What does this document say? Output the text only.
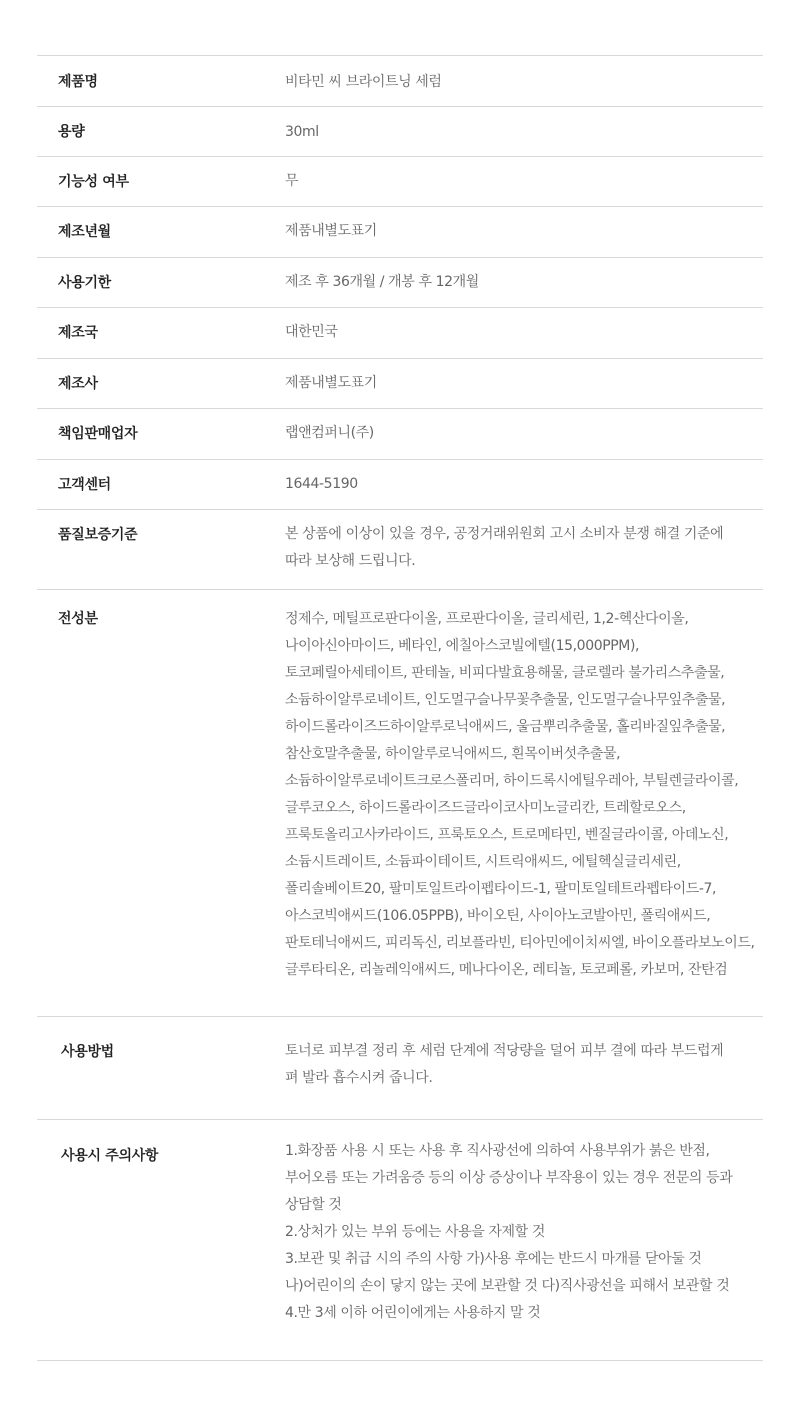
제품명	비타민 씨 브라이트닝 세럼
용량	30ml
기능성 여부	무
제조년월	제품내별도표기
사용기한	제조 후 36개월 / 개봉 후 12개월
제조국	대한민국
제조사	제품내별도표기
책임판매업자	랩앤컴퍼니(주)
고객센터	1644-5190
품질보증기준	본 상품에 이상이 있을 경우, 공정거래위원회 고시 소비자 분쟁 해결 기준에
따라 보상해 드립니다.
전성분	정제수, 메틸프로판다이올, 프로판다이올, 글리세린, 1,2-헥산다이올,
나이아신아마이드, 베타인, 에칠아스코빌에텔(15,000PPM),
토코페릴아세테이트, 판테놀, 비피다발효용해물, 클로렐라 불가리스추출물,
소듐하이알루로네이트, 인도멀구슬나무꽃추출물, 인도멀구슬나무잎추출물,
하이드롤라이즈드하이알루로닉애씨드, 울금뿌리추출물, 홀리바질잎추출물,
참산호말추출물, 하이알루로닉애씨드, 흰목이버섯추출물,
소듐하이알루로네이트크로스폴리머, 하이드록시에틸우레아, 부틸렌글라이콜,
글루코오스, 하이드롤라이즈드글라이코사미노글리칸, 트레할로오스,
프룩토올리고사카라이드, 프룩토오스, 트로메타민, 벤질글라이콜, 아데노신,
소듐시트레이트, 소듐파이테이트, 시트릭애씨드, 에틸헥실글리세린,
폴리솔베이트20, 팔미토일트라이펩타이드-1, 팔미토일테트라펩타이드-7,
아스코빅애씨드(106.05PPB), 바이오틴, 사이아노코발아민, 폴릭애씨드,
판토테닉애씨드, 피리독신, 리보플라빈, 티아민에이치씨엘, 바이오플라보노이드,
글루타티온, 리놀레익애씨드, 메나다이온, 레티놀, 토코페롤, 카보머, 잔탄검
사용방법	토너로 피부결 정리 후 세럼 단계에 적당량을 덜어 피부 결에 따라 부드럽게
펴 발라 흡수시켜 줍니다.
사용시 주의사항	1.화장품 사용 시 또는 사용 후 직사광선에 의하여 사용부위가 붉은 반점,
부어오름 또는 가려움증 등의 이상 증상이나 부작용이 있는 경우 전문의 등과
상담할 것
2.상처가 있는 부위 등에는 사용을 자제할 것
3.보관 및 취급 시의 주의 사항 가)사용 후에는 반드시 마개를 닫아둘 것
나)어린이의 손이 닿지 않는 곳에 보관할 것 다)직사광선을 피해서 보관할 것
4.만 3세 이하 어린이에게는 사용하지 말 것
